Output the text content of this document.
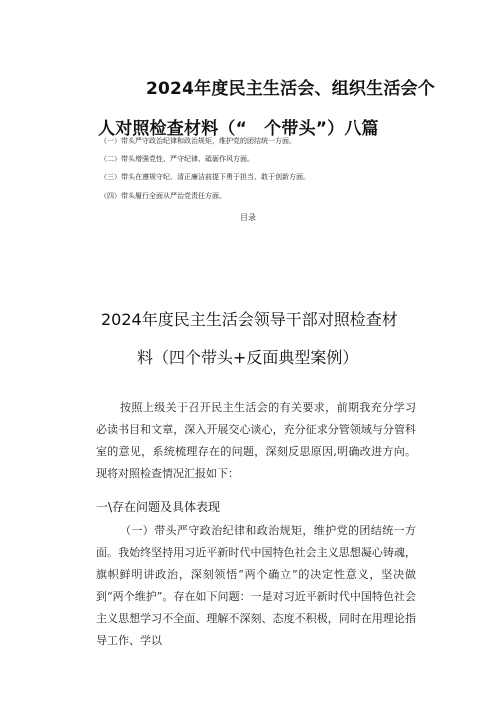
2024年度民主生活会、组织生活会个
人对照检查材料（“　个带头”）八篇
（一）带头严守政治纪律和政治规矩，维护党的团结统一方面。
（二）带头增强党性、严守纪律、砥砺作风方面。
（三）带头在遵规守纪、清正廉洁前提下勇于担当、敢于创新方面。
（四）带头履行全面从严治党责任方面。
目录
2024年度民主生活会领导干部对照检查材
料（四个带头+反面典型案例）
按照上级关于召开民主生活会的有关要求，前期我充分学习必读书目和文章，深入开展交心谈心，充分征求分管领域与分管科室的意见，系统梳理存在的问题，深刻反思原因,明确改进方向。现将对照检查情况汇报如下：
一\存在问题及具体表现
（一）带头严守政治纪律和政治规矩，维护党的团结统一方面。我始终坚持用习近平新时代中国特色社会主义思想凝心铸魂，旗帜鲜明讲政治，深刻领悟“两个确立”的决定性意义，坚决做到“两个维护”。存在如下问题：一是对习近平新时代中国特色社会主义思想学习不全面、理解不深刻、态度不积极，同时在用理论指导工作、学以
